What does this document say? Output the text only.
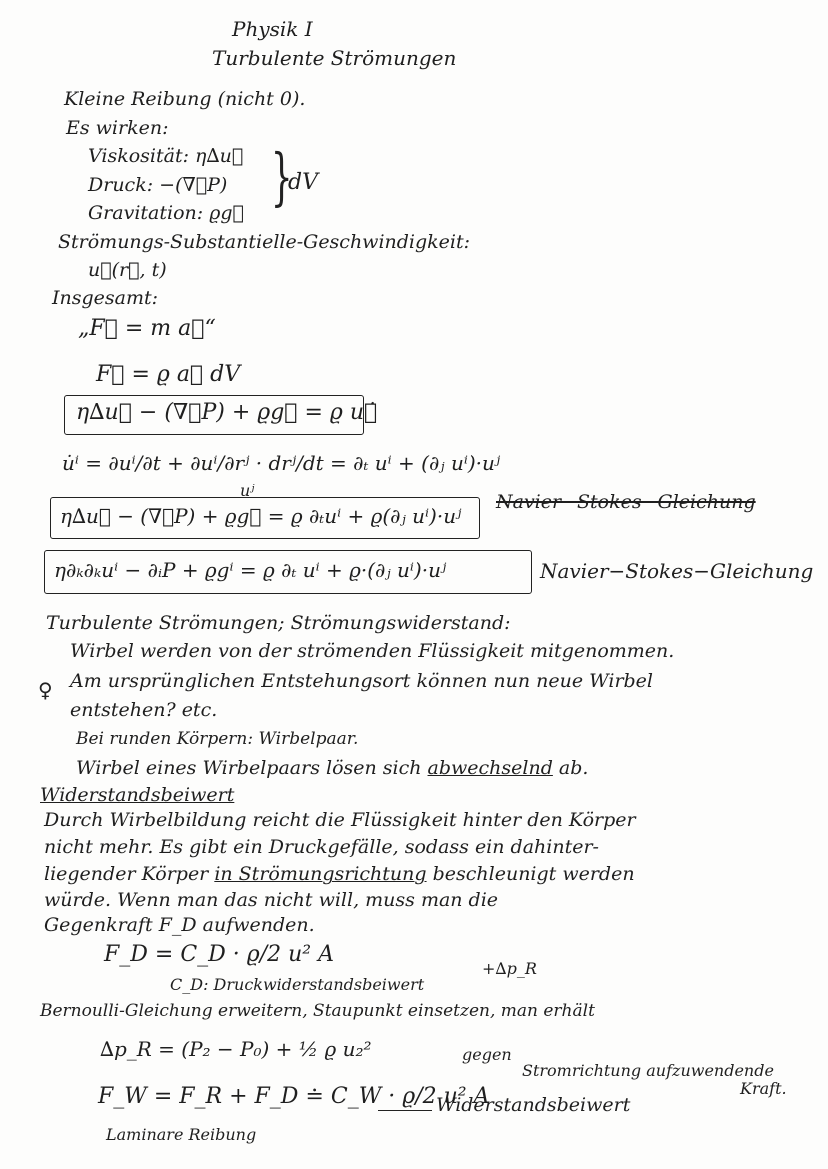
Physik I
Turbulente Strömungen
Kleine Reibung (nicht 0).
Es wirken:
Viskosität: η∆u⃗
Druck: −(∇⃗P)
Gravitation: ϱg⃗ }
dV
Strömungs-Substantielle-Geschwindigkeit:
u⃗(r⃗, t)
Insgesamt:
„F⃗ = m a⃗“
F⃗ = ϱ a⃗ dV
η∆u⃗ − (∇⃗P) + ϱg⃗ = ϱ u⃗̇
u̇ⁱ = ∂uⁱ/∂t + ∂uⁱ/∂rʲ · drʲ/dt = ∂ₜ uⁱ + (∂ⱼ uⁱ)·uʲ
uʲ
η∆u⃗ − (∇⃗P) + ϱg⃗ = ϱ ∂ₜuⁱ + ϱ(∂ⱼ uⁱ)·uʲ
Navier−Stokes−Gleichung
η∂ₖ∂ₖuⁱ − ∂ᵢP + ϱgⁱ = ϱ ∂ₜ uⁱ + ϱ·(∂ⱼ uⁱ)·uʲ	Navier−Stokes−Gleichung
Turbulente Strömungen; Strömungswiderstand:
Wirbel werden von der strömenden Flüssigkeit mitgenommen.
Am ursprünglichen Entstehungsort können nun neue Wirbel
♀
entstehen? etc.
Bei runden Körpern: Wirbelpaar.
Wirbel eines Wirbelpaars lösen sich abwechselnd ab.
Widerstandsbeiwert
Durch Wirbelbildung reicht die Flüssigkeit hinter den Körper
nicht mehr. Es gibt ein Druckgefälle, sodass ein dahinter-
liegender Körper in Strömungsrichtung beschleunigt werden
würde. Wenn man das nicht will, muss man die
Gegenkraft F_D aufwenden.
F_D = C_D · ϱ/2 u² A
C_D: Druckwiderstandsbeiwert
+∆p_R
Bernoulli-Gleichung erweitern, Staupunkt einsetzen, man erhält
∆p_R = (P₂ − P₀) + ½ ϱ u₂²	gegen
Stromrichtung aufzuwendende
Kraft.
F_W = F_R + F_D ≐ C_W · ϱ/2 u² A
Widerstandsbeiwert
Laminare Reibung
